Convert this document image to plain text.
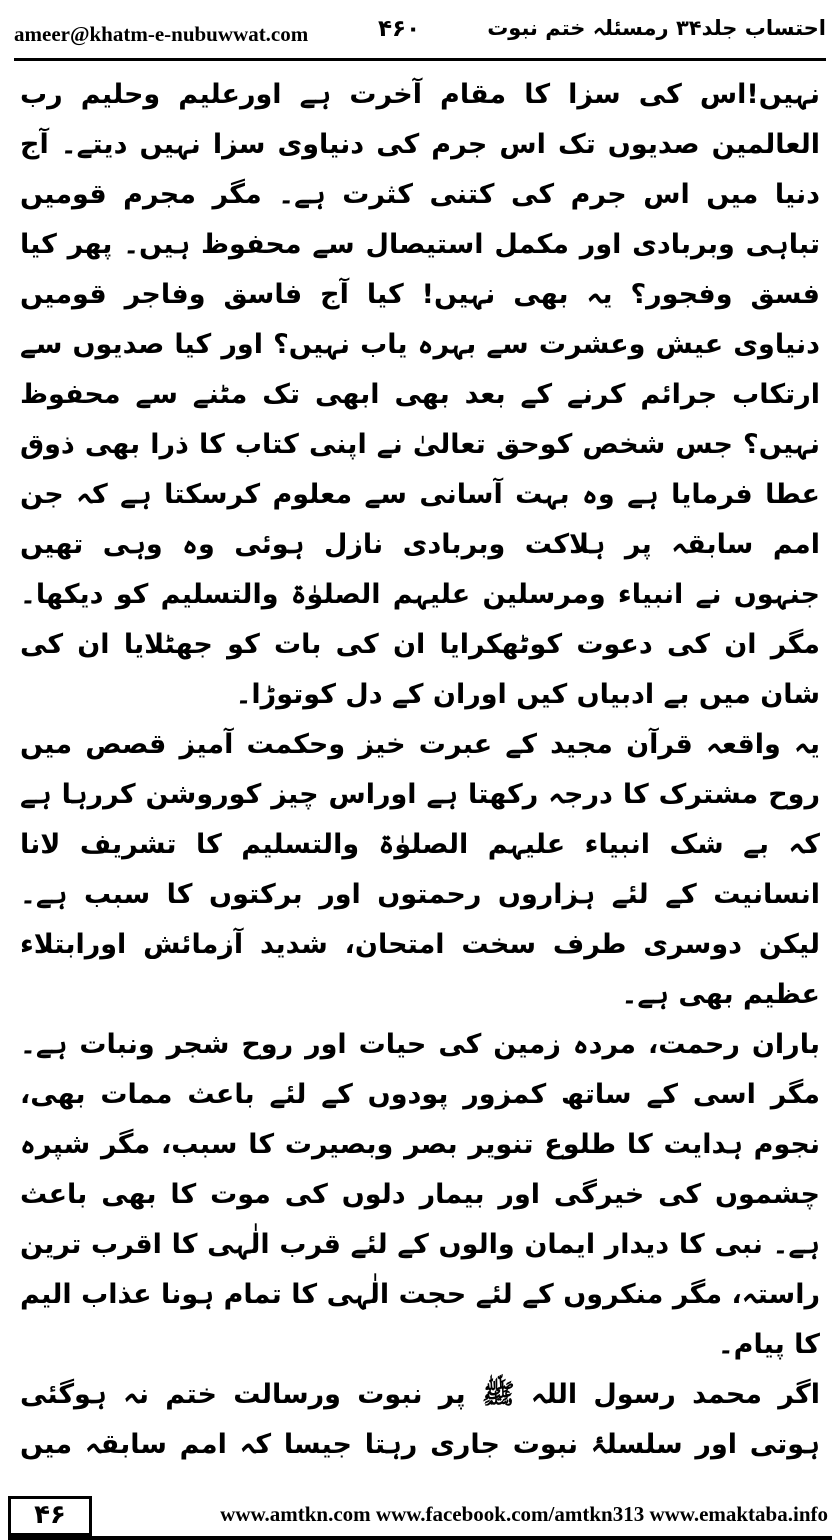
ameer@khatm-e-nubuwwat.com	۴۶۰	احتساب جلد۳۴ رمسئلہ ختم نبوت

نہیں!اس کی سزا کا مقام آخرت ہے اورعلیم وحلیم رب العالمین صدیوں تک اس جرم کی دنیاوی سزا نہیں دیتے۔ آج دنیا میں اس جرم کی کتنی کثرت ہے۔ مگر مجرم قومیں تباہی وبربادی اور مکمل استیصال سے محفوظ ہیں۔ پھر کیا فسق وفجور؟ یہ بھی نہیں! کیا آج فاسق وفاجر قومیں دنیاوی عیش وعشرت سے بہرہ یاب نہیں؟ اور کیا صدیوں سے ارتکاب جرائم کرنے کے بعد بھی ابھی تک مٹنے سے محفوظ نہیں؟ جس شخص کوحق تعالیٰ نے اپنی کتاب کا ذرا بھی ذوق عطا فرمایا ہے وہ بہت آسانی سے معلوم کرسکتا ہے کہ جن امم سابقہ پر ہلاکت وبربادی نازل ہوئی وہ وہی تھیں جنہوں نے انبیاء ومرسلین علیہم الصلوٰۃ والتسلیم کو دیکھا۔ مگر ان کی دعوت کوٹھکرایا ان کی بات کو جھٹلایا ان کی شان میں بے ادبیاں کیں اوران کے دل کوتوڑا۔

یہ واقعہ قرآن مجید کے عبرت خیز وحکمت آمیز قصص میں روح مشترک کا درجہ رکھتا ہے اوراس چیز کوروشن کررہا ہے کہ بے شک انبیاء علیہم الصلوٰۃ والتسلیم کا تشریف لانا انسانیت کے لئے ہزاروں رحمتوں اور برکتوں کا سبب ہے۔ لیکن دوسری طرف سخت امتحان، شدید آزمائش اورابتلاء عظیم بھی ہے۔

باران رحمت، مردہ زمین کی حیات اور روح شجر ونبات ہے۔ مگر اسی کے ساتھ کمزور پودوں کے لئے باعث ممات بھی، نجوم ہدایت کا طلوع تنویر بصر وبصیرت کا سبب، مگر شپرہ چشموں کی خیرگی اور بیمار دلوں کی موت کا بھی باعث ہے۔ نبی کا دیدار ایمان والوں کے لئے قرب الٰہی کا اقرب ترین راستہ، مگر منکروں کے لئے حجت الٰہی کا تمام ہونا عذاب الیم کا پیام۔

اگر محمد رسول اللہ ﷺ پر نبوت ورسالت ختم نہ ہوگئی ہوتی اور سلسلۂ نبوت جاری رہتا جیسا کہ امم سابقہ میں

۴۶	www.amtkn.com www.facebook.com/amtkn313 www.emaktaba.info
